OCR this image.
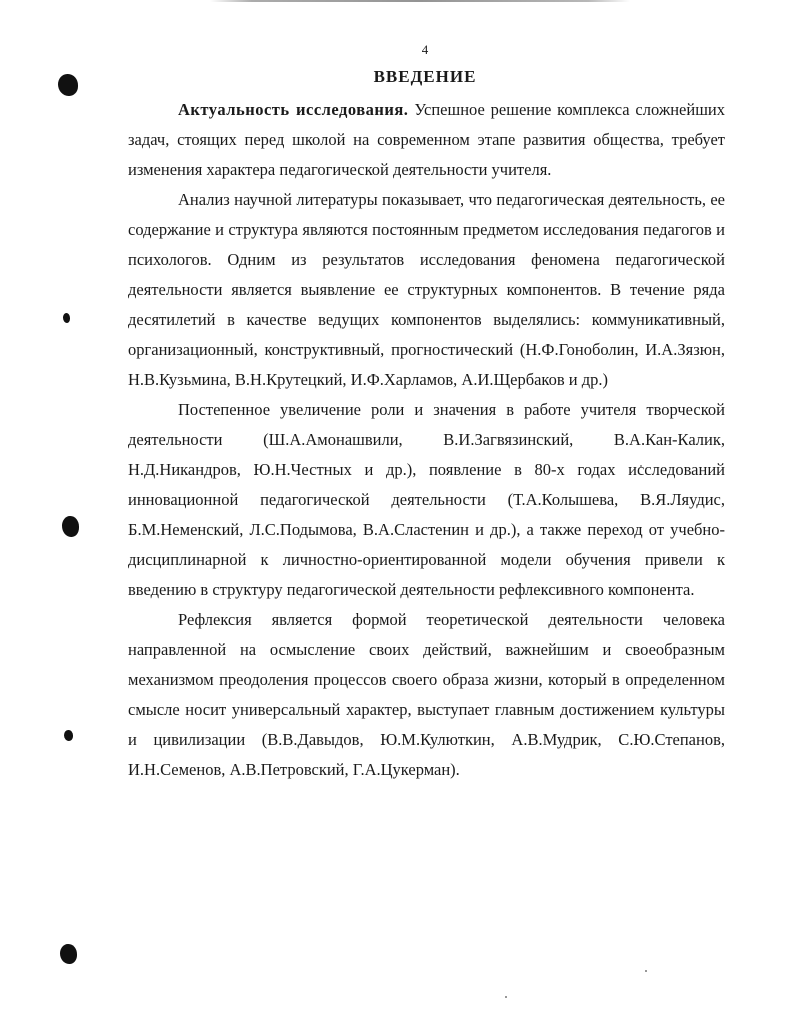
4
ВВЕДЕНИЕ

Актуальность исследования. Успешное решение комплекса сложнейших задач, стоящих перед школой на современном этапе развития общества, требует изменения характера педагогической деятельности учителя.

Анализ научной литературы показывает, что педагогическая деятельность, ее содержание и структура являются постоянным предметом исследования педагогов и психологов. Одним из результатов исследования феномена педагогической деятельности является выявление ее структурных компонентов. В течение ряда десятилетий в качестве ведущих компонентов выделялись: коммуникативный, организационный, конструктивный, прогностический (Н.Ф.Гоноболин, И.А.Зязюн, Н.В.Кузьмина, В.Н.Крутецкий, И.Ф.Харламов, А.И.Щербаков и др.)

Постепенное увеличение роли и значения в работе учителя творческой деятельности (Ш.А.Амонашвили, В.И.Загвязинский, В.А.Кан-Калик, Н.Д.Никандров, Ю.Н.Честных и др.), появление в 80-х годах исследований инновационной педагогической деятельности (Т.А.Колышева, В.Я.Ляудис, Б.М.Неменский, Л.С.Подымова, В.А.Сластенин и др.), а также переход от учебно-дисциплинарной к личностно-ориентированной модели обучения привели к введению в структуру педагогической деятельности рефлексивного компонента.

Рефлексия является формой теоретической деятельности человека направленной на осмысление своих действий, важнейшим и своеобразным механизмом преодоления процессов своего образа жизни, который в определенном смысле носит универсальный характер, выступает главным достижением культуры и цивилизации (В.В.Давыдов, Ю.М.Кулюткин, А.В.Мудрик, С.Ю.Степанов, И.Н.Семенов, А.В.Петровский, Г.А.Цукерман).
